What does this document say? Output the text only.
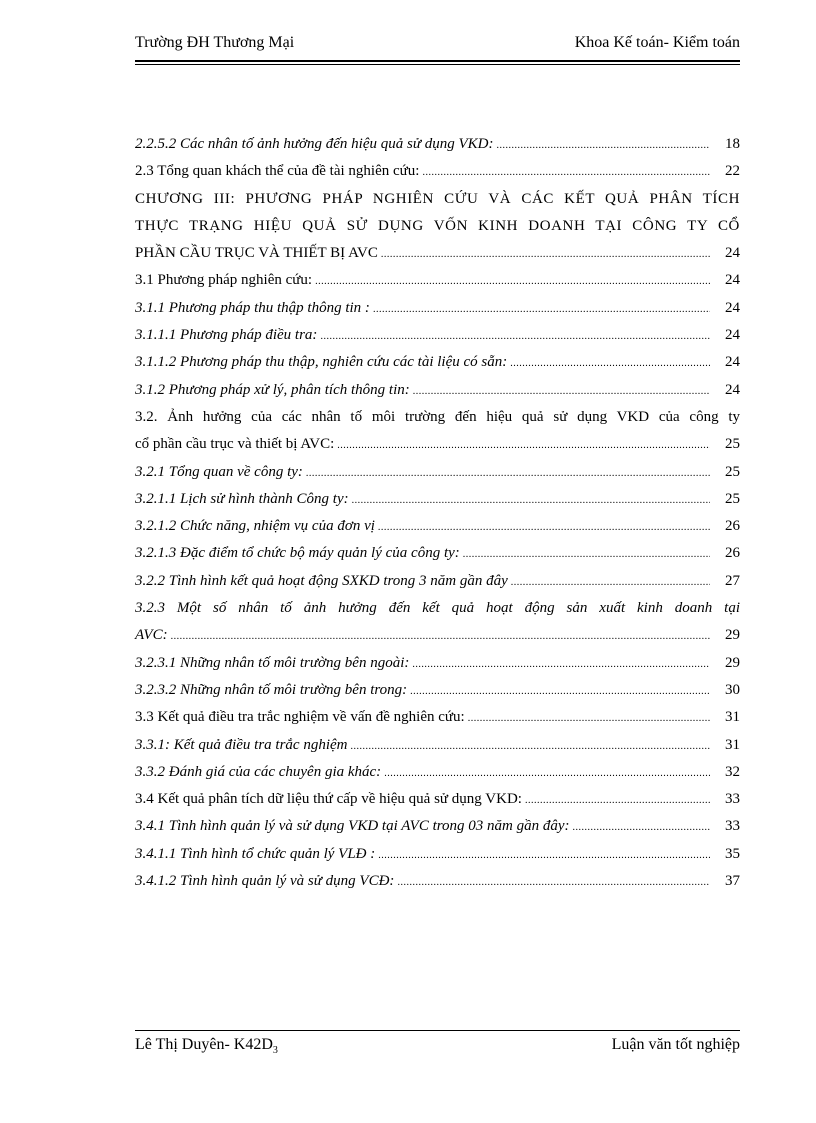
Trường ĐH Thương Mại	Khoa Kế toán- Kiểm toán
2.2.5.2 Các nhân tố ảnh hưởng đến hiệu quả sử dụng VKD: .....	18
2.3 Tổng quan khách thể của đề tài nghiên cứu: .....	22
CHƯƠNG III: PHƯƠNG PHÁP NGHIÊN CỨU VÀ CÁC KẾT QUẢ PHÂN TÍCH
THỰC TRẠNG HIỆU QUẢ SỬ DỤNG VỐN KINH DOANH TẠI CÔNG TY CỔ
PHẦN CẦU TRỤC VÀ THIẾT BỊ AVC .....	24
3.1 Phương pháp nghiên cứu: .....	24
3.1.1 Phương pháp thu thập thông tin : .....	24
3.1.1.1 Phương pháp điều tra: .....	24
3.1.1.2 Phương pháp thu thập, nghiên cứu các tài liệu có sẵn: .....	24
3.1.2 Phương pháp xử lý, phân tích thông tin: .....	24
3.2. Ảnh hưởng của các nhân tố môi trường đến hiệu quả sử dụng VKD của công ty
cổ phần cầu trục và thiết bị AVC: .....	25
3.2.1 Tổng quan về công ty: .....	25
3.2.1.1 Lịch sử hình thành Công ty: .....	25
3.2.1.2 Chức năng, nhiệm vụ của đơn vị .....	26
3.2.1.3 Đặc điểm tổ chức bộ máy quản lý của công ty: .....	26
3.2.2 Tình hình kết quả hoạt động SXKD trong 3 năm gần đây .....	27
3.2.3 Một số nhân tố ảnh hưởng đến kết quả hoạt động sản xuất kinh doanh tại
AVC: .....	29
3.2.3.1 Những nhân tố môi trường bên ngoài: .....	29
3.2.3.2 Những nhân tố môi trường bên trong: .....	30
3.3 Kết quả điều tra trắc nghiệm về vấn đề nghiên cứu: .....	31
3.3.1: Kết quả điều tra trắc nghiệm .....	31
3.3.2 Đánh giá của các chuyên gia khác: .....	32
3.4 Kết quả phân tích dữ liệu thứ cấp về hiệu quả sử dụng VKD: .....	33
3.4.1 Tình hình quản lý và sử dụng VKD tại AVC trong 03 năm gần đây: .....	33
3.4.1.1 Tình hình tổ chức quản lý VLĐ : .....	35
3.4.1.2 Tình hình quản lý và sử dụng VCĐ: .....	37
Lê Thị Duyên- $K42D_3$	Luận văn tốt nghiệp
